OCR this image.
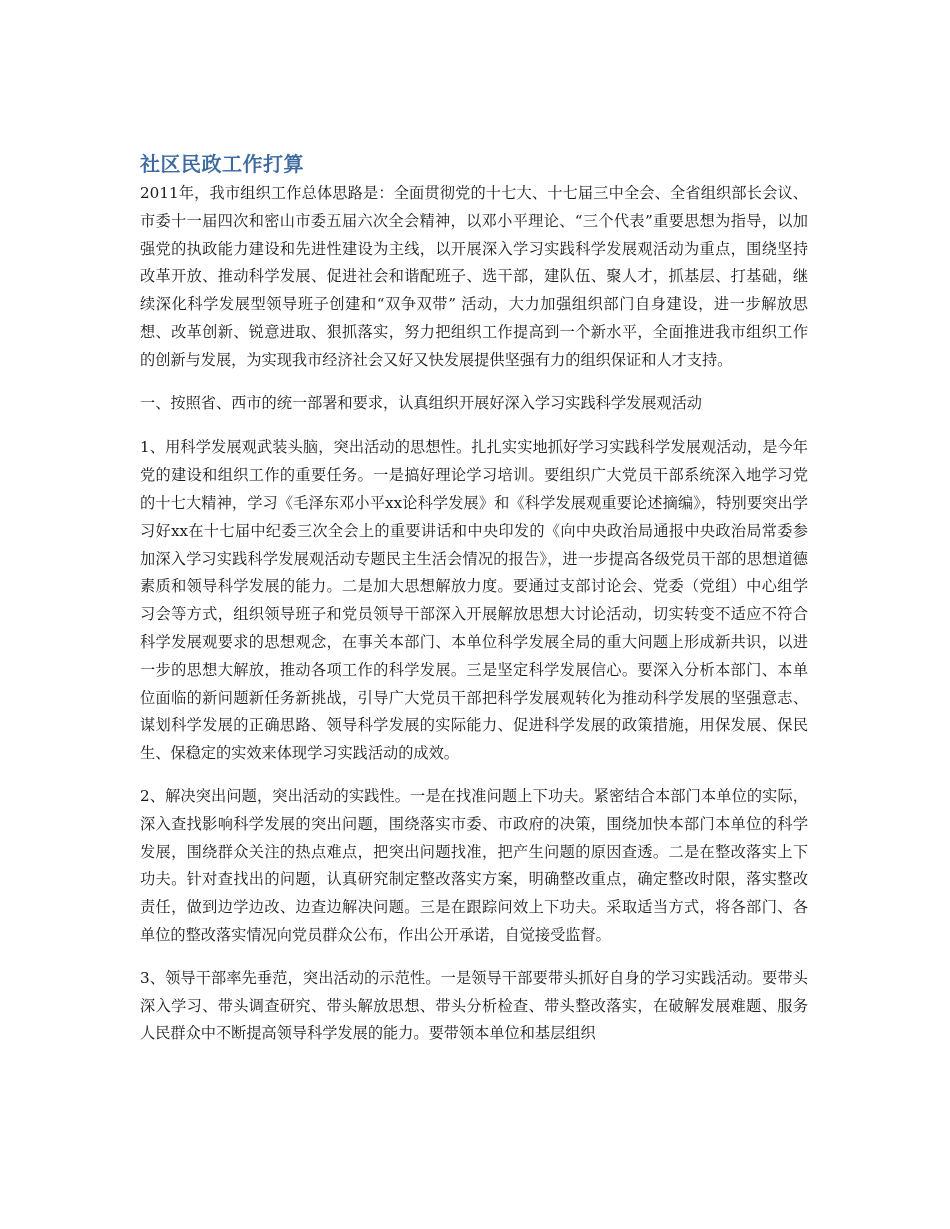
社区民政工作打算

2011年，我市组织工作总体思路是：全面贯彻党的十七大、十七届三中全会、全省组织部长会议、市委十一届四次和密山市委五届六次全会精神，以邓小平理论、“三个代表”重要思想为指导，以加强党的执政能力建设和先进性建设为主线，以开展深入学习实践科学发展观活动为重点，围绕坚持改革开放、推动科学发展、促进社会和谐配班子、选干部，建队伍、聚人才，抓基层、打基础，继续深化科学发展型领导班子创建和“双争双带” 活动，大力加强组织部门自身建设，进一步解放思想、改革创新、锐意进取、狠抓落实，努力把组织工作提高到一个新水平，全面推进我市组织工作的创新与发展，为实现我市经济社会又好又快发展提供坚强有力的组织保证和人才支持。

一、按照省、西市的统一部署和要求，认真组织开展好深入学习实践科学发展观活动

1、用科学发展观武装头脑，突出活动的思想性。扎扎实实地抓好学习实践科学发展观活动，是今年党的建设和组织工作的重要任务。一是搞好理论学习培训。要组织广大党员干部系统深入地学习党的十七大精神，学习《毛泽东邓小平xx论科学发展》和《科学发展观重要论述摘编》，特别要突出学习好xx在十七届中纪委三次全会上的重要讲话和中央印发的《向中央政治局通报中央政治局常委参加深入学习实践科学发展观活动专题民主生活会情况的报告》，进一步提高各级党员干部的思想道德素质和领导科学发展的能力。二是加大思想解放力度。要通过支部讨论会、党委（党组）中心组学习会等方式，组织领导班子和党员领导干部深入开展解放思想大讨论活动，切实转变不适应不符合科学发展观要求的思想观念，在事关本部门、本单位科学发展全局的重大问题上形成新共识，以进一步的思想大解放，推动各项工作的科学发展。三是坚定科学发展信心。要深入分析本部门、本单位面临的新问题新任务新挑战，引导广大党员干部把科学发展观转化为推动科学发展的坚强意志、谋划科学发展的正确思路、领导科学发展的实际能力、促进科学发展的政策措施，用保发展、保民生、保稳定的实效来体现学习实践活动的成效。

2、解决突出问题，突出活动的实践性。一是在找准问题上下功夫。紧密结合本部门本单位的实际，深入查找影响科学发展的突出问题，围绕落实市委、市政府的决策，围绕加快本部门本单位的科学发展，围绕群众关注的热点难点，把突出问题找准，把产生问题的原因查透。二是在整改落实上下功夫。针对查找出的问题，认真研究制定整改落实方案，明确整改重点，确定整改时限，落实整改责任，做到边学边改、边查边解决问题。三是在跟踪问效上下功夫。采取适当方式，将各部门、各单位的整改落实情况向党员群众公布，作出公开承诺，自觉接受监督。

3、领导干部率先垂范，突出活动的示范性。一是领导干部要带头抓好自身的学习实践活动。要带头深入学习、带头调查研究、带头解放思想、带头分析检查、带头整改落实，在破解发展难题、服务人民群众中不断提高领导科学发展的能力。要带领本单位和基层组织
